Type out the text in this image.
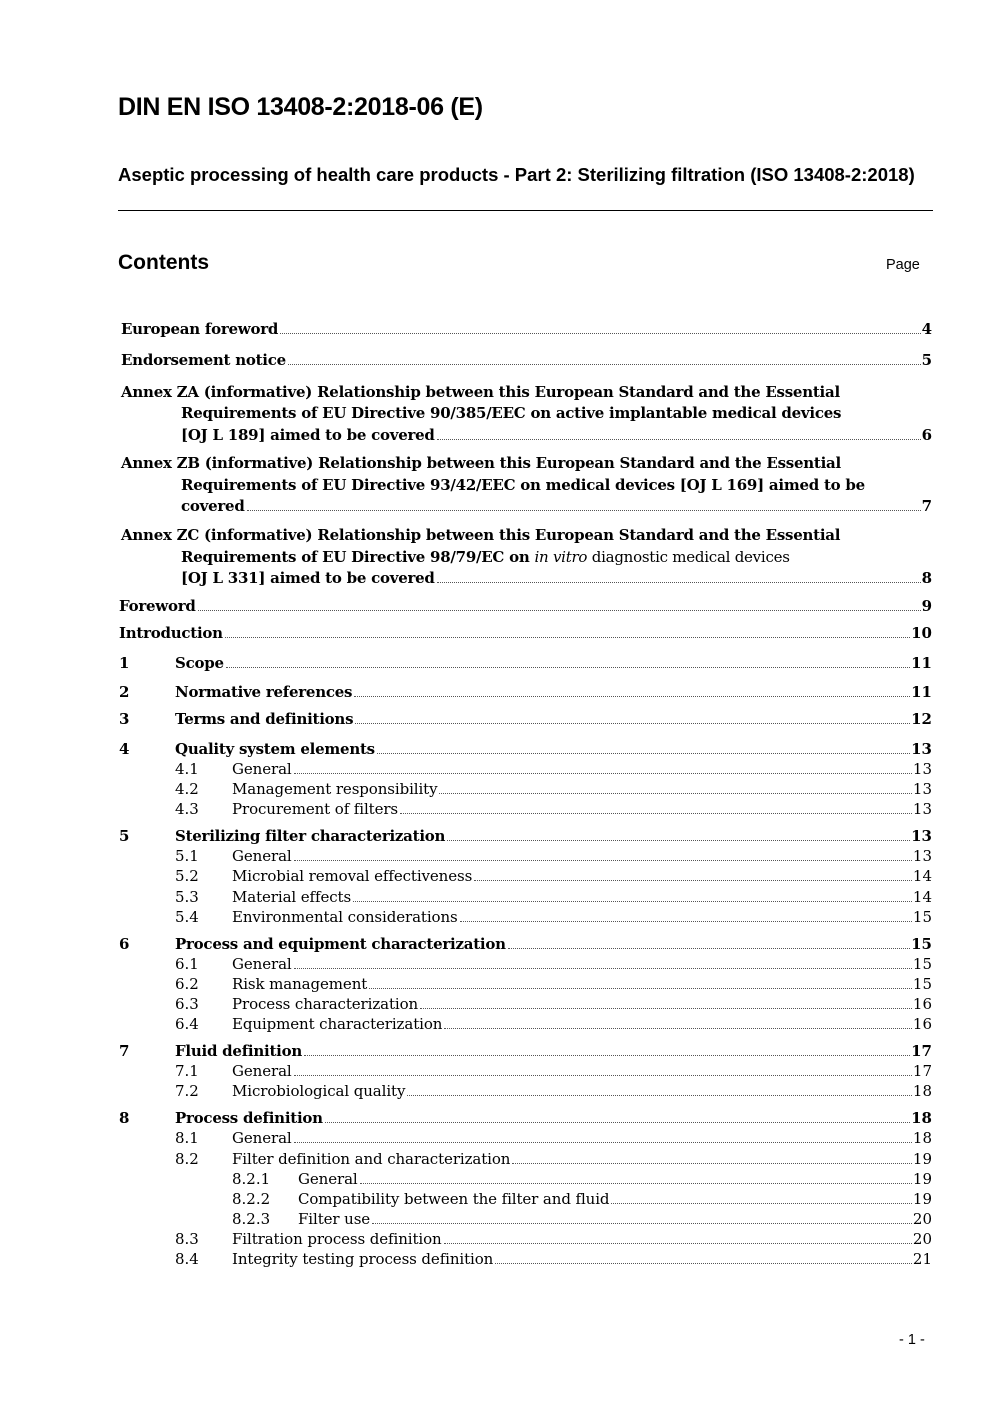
DIN EN ISO 13408-2:2018-06 (E)
Aseptic processing of health care products - Part 2: Sterilizing filtration (ISO 13408-2:2018)
Contents	Page
European foreword	4
Endorsement notice	5
Annex ZA (informative) Relationship between this European Standard and the Essential
Requirements of EU Directive 90/385/EEC on active implantable medical devices
[OJ L 189] aimed to be covered	6
Annex ZB (informative) Relationship between this European Standard and the Essential
Requirements of EU Directive 93/42/EEC on medical devices [OJ L 169] aimed to be
covered	7
Annex ZC (informative) Relationship between this European Standard and the Essential
Requirements of EU Directive 98/79/EC on in vitro diagnostic medical devices
[OJ L 331] aimed to be covered	8
Foreword	9
Introduction	10
1	Scope	11
2	Normative references	11
3	Terms and definitions	12
4	Quality system elements	13
4.1 General	13
4.2 Management responsibility	13
4.3 Procurement of filters	13
5	Sterilizing filter characterization	13
5.1 General	13
5.2 Microbial removal effectiveness	14
5.3 Material effects	14
5.4 Environmental considerations	15
6	Process and equipment characterization	15
6.1 General	15
6.2 Risk management	15
6.3 Process characterization	16
6.4 Equipment characterization	16
7	Fluid definition	17
7.1 General	17
7.2 Microbiological quality	18
8	Process definition	18
8.1 General	18
8.2 Filter definition and characterization	19
8.2.1 General	19
8.2.2 Compatibility between the filter and fluid	19
8.2.3 Filter use	20
8.3 Filtration process definition	20
8.4 Integrity testing process definition	21
- 1 -
